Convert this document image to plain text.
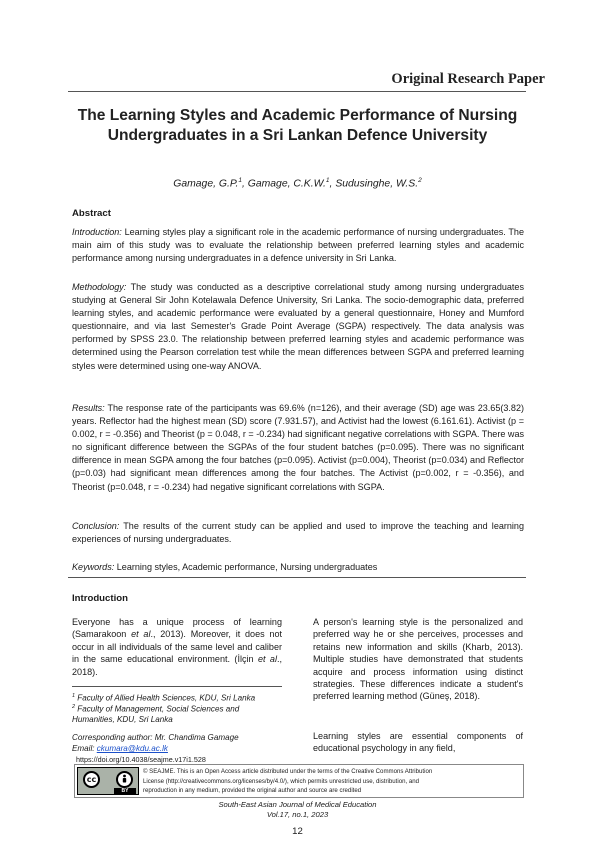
Original Research Paper
The Learning Styles and Academic Performance of Nursing Undergraduates in a Sri Lankan Defence University
Gamage, G.P.$^1$, Gamage, C.K.W.$^1$, Sudusinghe, W.S.$^2$
Abstract

Introduction: Learning styles play a significant role in the academic performance of nursing undergraduates. The main aim of this study was to evaluate the relationship between preferred learning styles and academic performance among nursing undergraduates in a defence university in Sri Lanka.

Methodology: The study was conducted as a descriptive correlational study among nursing undergraduates studying at General Sir John Kotelawala Defence University, Sri Lanka. The socio-demographic data, preferred learning styles, and academic performance were evaluated by a general questionnaire, Honey and Mumford questionnaire, and via last Semester's Grade Point Average (SGPA) respectively. The data analysis was performed by SPSS 23.0. The relationship between preferred learning styles and academic performance was determined using the Pearson correlation test while the mean differences between SGPA and preferred learning styles were determined using one-way ANOVA.

Results: The response rate of the participants was 69.6% (n=126), and their average (SD) age was 23.65(3.82) years. Reflector had the highest mean (SD) score (7.931.57), and Activist had the lowest (6.161.61). Activist (p = 0.002, r = -0.356) and Theorist (p = 0.048, r = -0.234) had significant negative correlations with SGPA. There was no significant difference between the SGPAs of the four student batches (p=0.095). There was no significant difference in mean SGPA among the four batches (p=0.095). Activist (p=0.004), Theorist (p=0.034) and Reflector (p=0.03) had significant mean differences among the four batches. The Activist (p=0.002, r = -0.356), and Theorist (p=0.048, r = -0.234) had negative significant correlations with SGPA.

Conclusion: The results of the current study can be applied and used to improve the teaching and learning experiences of nursing undergraduates.

Keywords: Learning styles, Academic performance, Nursing undergraduates

Introduction

Everyone has a unique process of learning (Samarakoon et al., 2013). Moreover, it does not occur in all individuals of the same level and caliber in the same educational environment. (İlçin et al., 2018).

A person's learning style is the personalized and preferred way he or she perceives, processes and retains new information and skills (Kharb, 2013). Multiple studies have demonstrated that students acquire and process information using distinct strategies. These differences indicate a student's preferred learning method (Güneş, 2018).

Learning styles are essential components of educational psychology in any field,

$^1$ Faculty of Allied Health Sciences, KDU, Sri Lanka

$^2$ Faculty of Management, Social Sciences and Humanities, KDU, Sri Lanka

Corresponding author: Mr. Chandima Gamage

Email: ckumara@kdu.ac.lk

https://doi.org/10.4038/seajme.v17i1.528
cc
BY
© SEAJME. This is an Open Access article distributed under the terms of the Creative Commons Attribution
License (http://creativecommons.org/licenses/by/4.0/), which permits unrestricted use, distribution, and
reproduction in any medium, provided the original author and source are credited
South-East Asian Journal of Medical Education
Vol.17, no.1, 2023
12
